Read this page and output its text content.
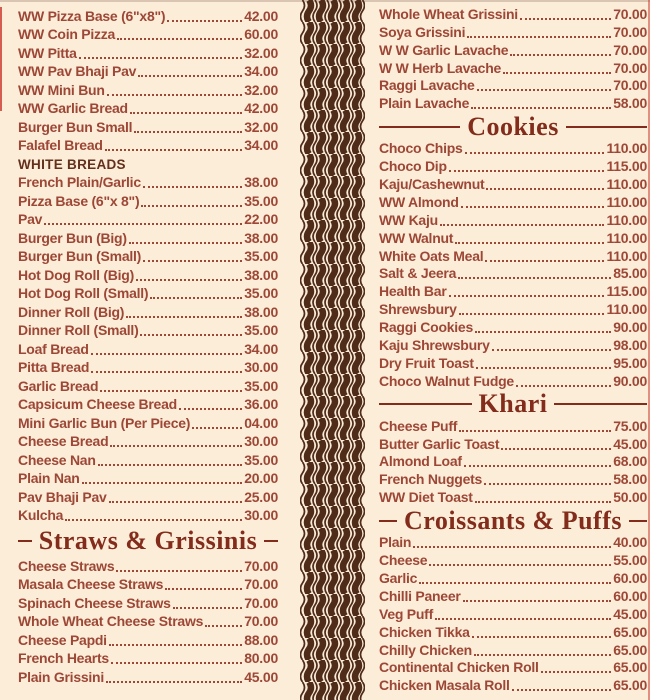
WW Pizza Base (6"x8")	42.00
WW Coin Pizza	60.00
WW Pitta	32.00
WW Pav Bhaji Pav	34.00
WW Mini Bun	32.00
WW Garlic Bread	42.00
Burger Bun Small	32.00
Falafel Bread	34.00
WHITE BREADS
French Plain/Garlic	38.00
Pizza Base (6"x 8")	35.00
Pav	22.00
Burger Bun (Big)	38.00
Burger Bun (Small)	35.00
Hot Dog Roll (Big)	38.00
Hot Dog Roll (Small)	35.00
Dinner Roll (Big)	38.00
Dinner Roll (Small)	35.00
Loaf Bread	34.00
Pitta Bread	30.00
Garlic Bread	35.00
Capsicum Cheese Bread	36.00
Mini Garlic Bun (Per Piece)	04.00
Cheese Bread	30.00
Cheese Nan	35.00
Plain Nan	20.00
Pav Bhaji Pav	25.00
Kulcha	30.00
Straws & Grissinis
Cheese Straws	70.00
Masala Cheese Straws	70.00
Spinach Cheese Straws	70.00
Whole Wheat Cheese Straws	70.00
Cheese Papdi	88.00
French Hearts	80.00
Plain Grissini	45.00
Whole Wheat Grissini	70.00
Soya Grissini	70.00
W W Garlic Lavache	70.00
W W Herb Lavache	70.00
Raggi Lavache	70.00
Plain Lavache	58.00
Cookies
Choco Chips	110.00
Choco Dip	115.00
Kaju/Cashewnut	110.00
WW Almond	110.00
WW Kaju	110.00
WW Walnut	110.00
White Oats Meal	110.00
Salt & Jeera	85.00
Health Bar	115.00
Shrewsbury	110.00
Raggi Cookies	90.00
Kaju Shrewsbury	98.00
Dry Fruit Toast	95.00
Choco Walnut Fudge	90.00
Khari
Cheese Puff	75.00
Butter Garlic Toast	45.00
Almond Loaf	68.00
French Nuggets	58.00
WW Diet Toast	50.00
Croissants & Puffs
Plain	40.00
Cheese	55.00
Garlic	60.00
Chilli Paneer	60.00
Veg Puff	45.00
Chicken Tikka	65.00
Chilly Chicken	65.00
Continental Chicken Roll	65.00
Chicken Masala Roll	65.00
